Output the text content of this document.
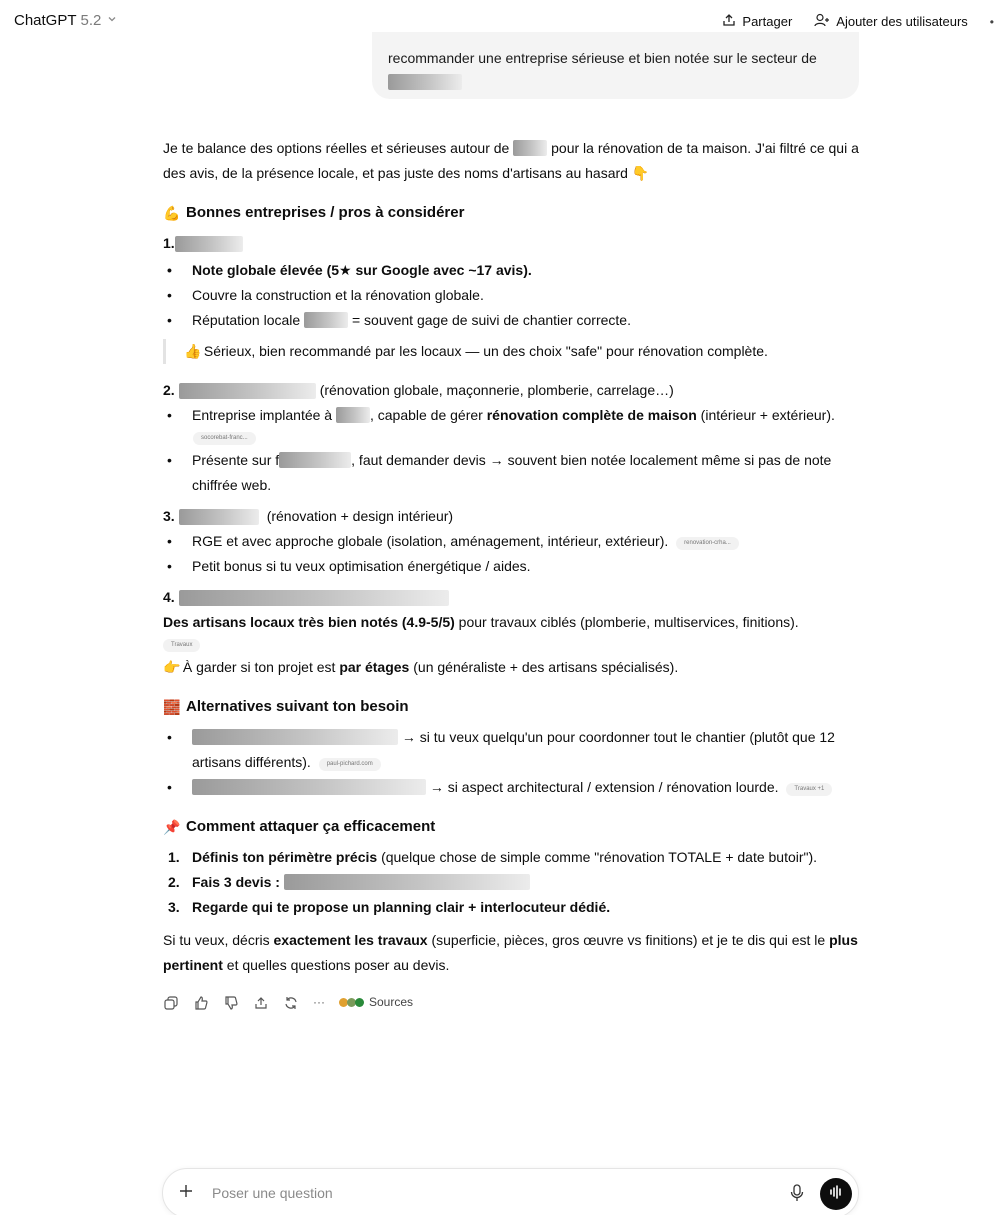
ChatGPT 5.2	Partager	Ajouter des utilisateurs •
recommander une entreprise sérieuse et bien notée sur le secteur de

Je te balance des options réelles et sérieuses autour de	pour la rénovation de ta maison. J'ai filtré ce qui a des avis, de la présence locale, et pas juste des noms d'artisans au hasard 👇

💪 Bonnes entreprises / pros à considérer
1.
• Note globale élevée (5★ sur Google avec ~17 avis).
• Couvre la construction et la rénovation globale.
• Réputation locale	= souvent gage de suivi de chantier correcte.
👍 Sérieux, bien recommandé par les locaux — un des choix "safe" pour rénovation complète.
2.	(rénovation globale, maçonnerie, plomberie, carrelage…)
• Entreprise implantée à	, capable de gérer rénovation complète de maison (intérieur + extérieur).
socorebat-franc...
• Présente sur f	, faut demander devis → souvent bien notée localement même si pas de note chiffrée web.
3.	(rénovation + design intérieur)
• RGE et avec approche globale (isolation, aménagement, intérieur, extérieur).	renovation-crha...
• Petit bonus si tu veux optimisation énergétique / aides.
4.

Des artisans locaux très bien notés (4.9-5/5) pour travaux ciblés (plomberie, multiservices, finitions).

Travaux

👉 À garder si ton projet est par étages (un généraliste + des artisans spécialisés).

🧱 Alternatives suivant ton besoin
• → si tu veux quelqu'un pour coordonner tout le chantier (plutôt que 12 artisans différents).	paul-pichard.com
• → si aspect architectural / extension / rénovation lourde.	Travaux +1
📌 Comment attaquer ça efficacement
1. Définis ton périmètre précis (quelque chose de simple comme "rénovation TOTALE + date butoir").
2. Fais 3 devis :
3. Regarde qui te propose un planning clair + interlocuteur dédié.

Si tu veux, décris exactement les travaux (superficie, pièces, gros œuvre vs finitions) et je te dis qui est le plus pertinent et quelles questions poser au devis.

···	Sources
Poser une question
